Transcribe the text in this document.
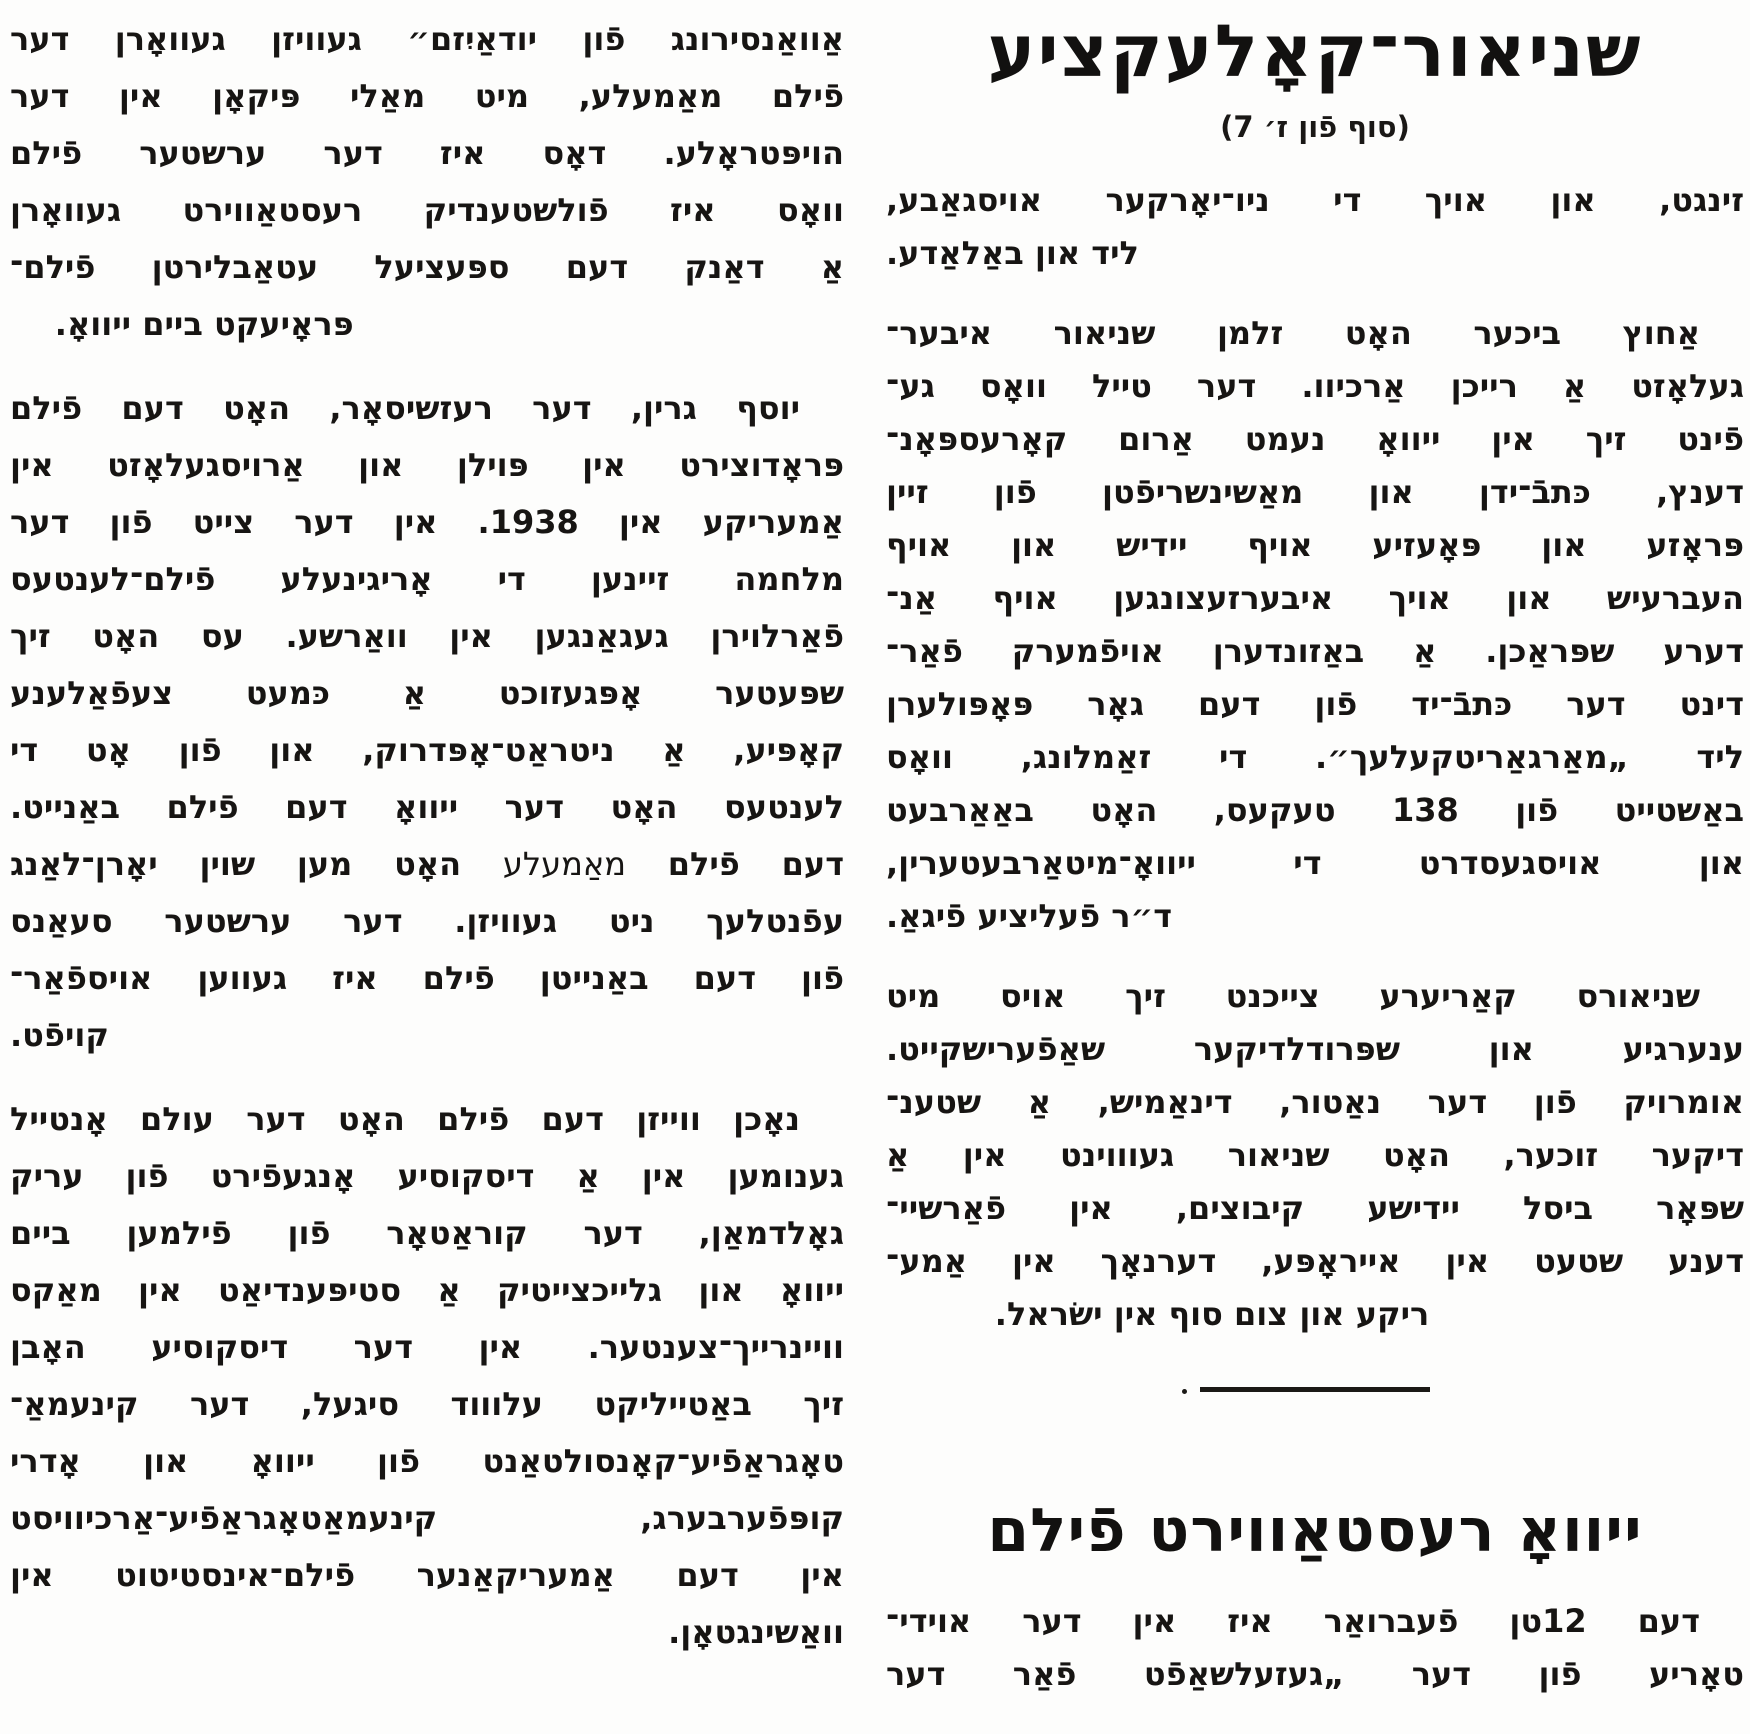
שניאור־קאָלעקציע
(סוף פֿון ז׳ 7)
זינגט, און אויך די ניו־יאָרקער אויסגאַבע,
ליד און באַלאַדע.
אַחוץ ביכער האָט זלמן שניאור איבער־
געלאָזט אַ רייכן אַרכיוו. דער טייל וואָס גע־
פֿינט זיך אין ייוואָ נעמט אַרום קאָרעספּאָנ־
דענץ, כּתבֿ־ידן און מאַשינשריפֿטן פֿון זיין
פּראָזע און פּאָעזיע אויף יידיש און אויף
העברעיש און אויך איבערזעצונגען אויף אַנ־
דערע שפּראַכן. אַ באַזונדערן אויפֿמערק פֿאַר־
דינט דער כּתבֿ־יד פֿון דעם גאָר פּאָפּולערן
ליד „מאַרגאַריטקעלעך״. די זאַמלונג, וואָס
באַשטייט פֿון 138 טעקעס, האָט באַאַרבעט
און אויסגעסדרט די ייוואָ־מיטאַרבעטערין,
ד״ר פֿעליציע פֿיגאַ.
שניאורס קאַריערע צייכנט זיך אויס מיט
ענערגיע און שפּרודלדיקער שאַפֿערישקייט.
אומרויק פֿון דער נאַטור, דינאַמיש, אַ שטענ־
דיקער זוכער, האָט שניאור געוווינט אין אַ
שפּאָר ביסל יידישע קיבוצים, אין פֿאַרשיי־
דענע שטעט אין אייראָפּע, דערנאָך אין אַמע־
ריקע און צום סוף אין ישׂראל.
ייוואָ רעסטאַווירט פֿילם
דעם 12טן פֿעברואַר איז אין דער אוידי־
טאָריע פֿון דער „געזעלשאַפֿט פֿאַר דער
אַוואַנסירונג פֿון יודאַיִזם״ געוויזן געוואָרן דער
פֿילם מאַמעלע, מיט מאַלי פּיקאָן אין דער
הויפּטראָלע. דאָס איז דער ערשטער פֿילם
וואָס איז פֿולשטענדיק רעסטאַווירט געוואָרן
אַ דאַנק דעם ספּעציעל עטאַבלירטן פֿילם־
פּראָיעקט ביים ייוואָ.
יוסף גרין, דער רעזשיסאָר, האָט דעם פֿילם
פּראָדוצירט אין פּוילן און אַרויסגעלאָזט אין
אַמעריקע אין 1938. אין דער צייט פֿון דער
מלחמה זיינען די אָריגינעלע פֿילם־לענטעס
פֿאַרלוירן געגאַנגען אין וואַרשע. עס האָט זיך
שפּעטער אָפּגעזוכט אַ כּמעט צעפֿאַלענע
קאָפּיע, אַ ניטראַט־אָפּדרוק, און פֿון אָט די
לענטעס האָט דער ייוואָ דעם פֿילם באַנייט.
דעם פֿילם מאַמעלע האָט מען שוין יאָרן־לאַנג
עפֿנטלעך ניט געוויזן. דער ערשטער סעאַנס
פֿון דעם באַנייטן פֿילם איז געווען אויספֿאַר־
קויפֿט.
נאָכן ווייזן דעם פֿילם האָט דער עולם אָנטייל
גענומען אין אַ דיסקוסיע אָנגעפֿירט פֿון עריק
גאָלדמאַן, דער קוראַטאָר פֿון פֿילמען ביים
ייוואָ און גלייכצייטיק אַ סטיפּענדיאַט אין מאַקס
וויינרייך־צענטער. אין דער דיסקוסיע האָבן
זיך באַטייליקט עלוווד סיגעל, דער קינעמאַ־
טאָגראַפֿיע־קאָנסולטאַנט פֿון ייוואָ און אָדרי
קופּפֿערבערג, קינעמאַטאָגראַפֿיע־אַרכיוויסט
אין דעם אַמעריקאַנער פֿילם־אינסטיטוט אין
וואַשינגטאָן.
